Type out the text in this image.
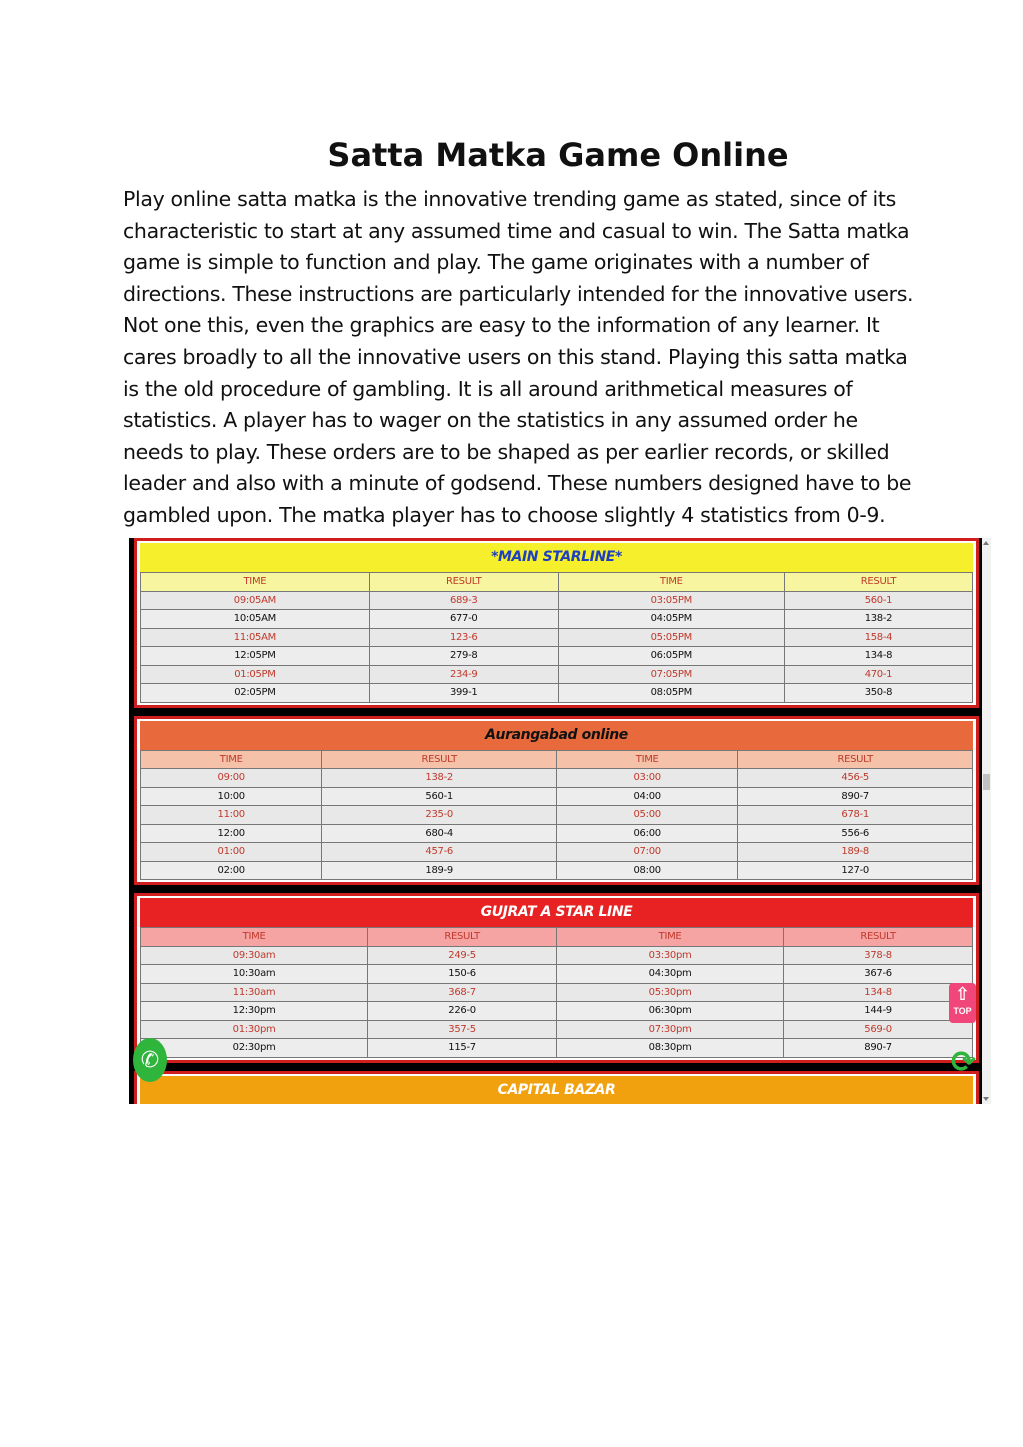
Satta Matka Game Online
Play online satta matka is the innovative trending game as stated, since of its
characteristic to start at any assumed time and casual to win. The Satta matka
game is simple to function and play. The game originates with a number of
directions. These instructions are particularly intended for the innovative users.
Not one this, even the graphics are easy to the information of any learner. It
cares broadly to all the innovative users on this stand. Playing this satta matka
is the old procedure of gambling. It is all around arithmetical measures of
statistics. A player has to wager on the statistics in any assumed order he
needs to play. These orders are to be shaped as per earlier records, or skilled
leader and also with a minute of godsend. These numbers designed have to be
gambled upon. The matka player has to choose slightly 4 statistics from 0-9.
*MAIN STARLINE*
TIME	RESULT	TIME	RESULT
09:05AM	689-3	03:05PM	560-1
10:05AM	677-0	04:05PM	138-2
11:05AM	123-6	05:05PM	158-4
12:05PM	279-8	06:05PM	134-8
01:05PM	234-9	07:05PM	470-1
02:05PM	399-1	08:05PM	350-8
Aurangabad online
TIME	RESULT	TIME	RESULT
09:00	138-2	03:00	456-5
10:00	560-1	04:00	890-7
11:00	235-0	05:00	678-1
12:00	680-4	06:00	556-6
01:00	457-6	07:00	189-8
02:00	189-9	08:00	127-0
GUJRAT A STAR LINE
TIME	RESULT	TIME	RESULT
09:30am	249-5	03:30pm	378-8
10:30am	150-6	04:30pm	367-6
11:30am	368-7	05:30pm	134-8
12:30pm	226-0	06:30pm	144-9
01:30pm	357-5	07:30pm	569-0
02:30pm	115-7	08:30pm	890-7
CAPITAL BAZAR
✆
⇧
TOP
⟳
